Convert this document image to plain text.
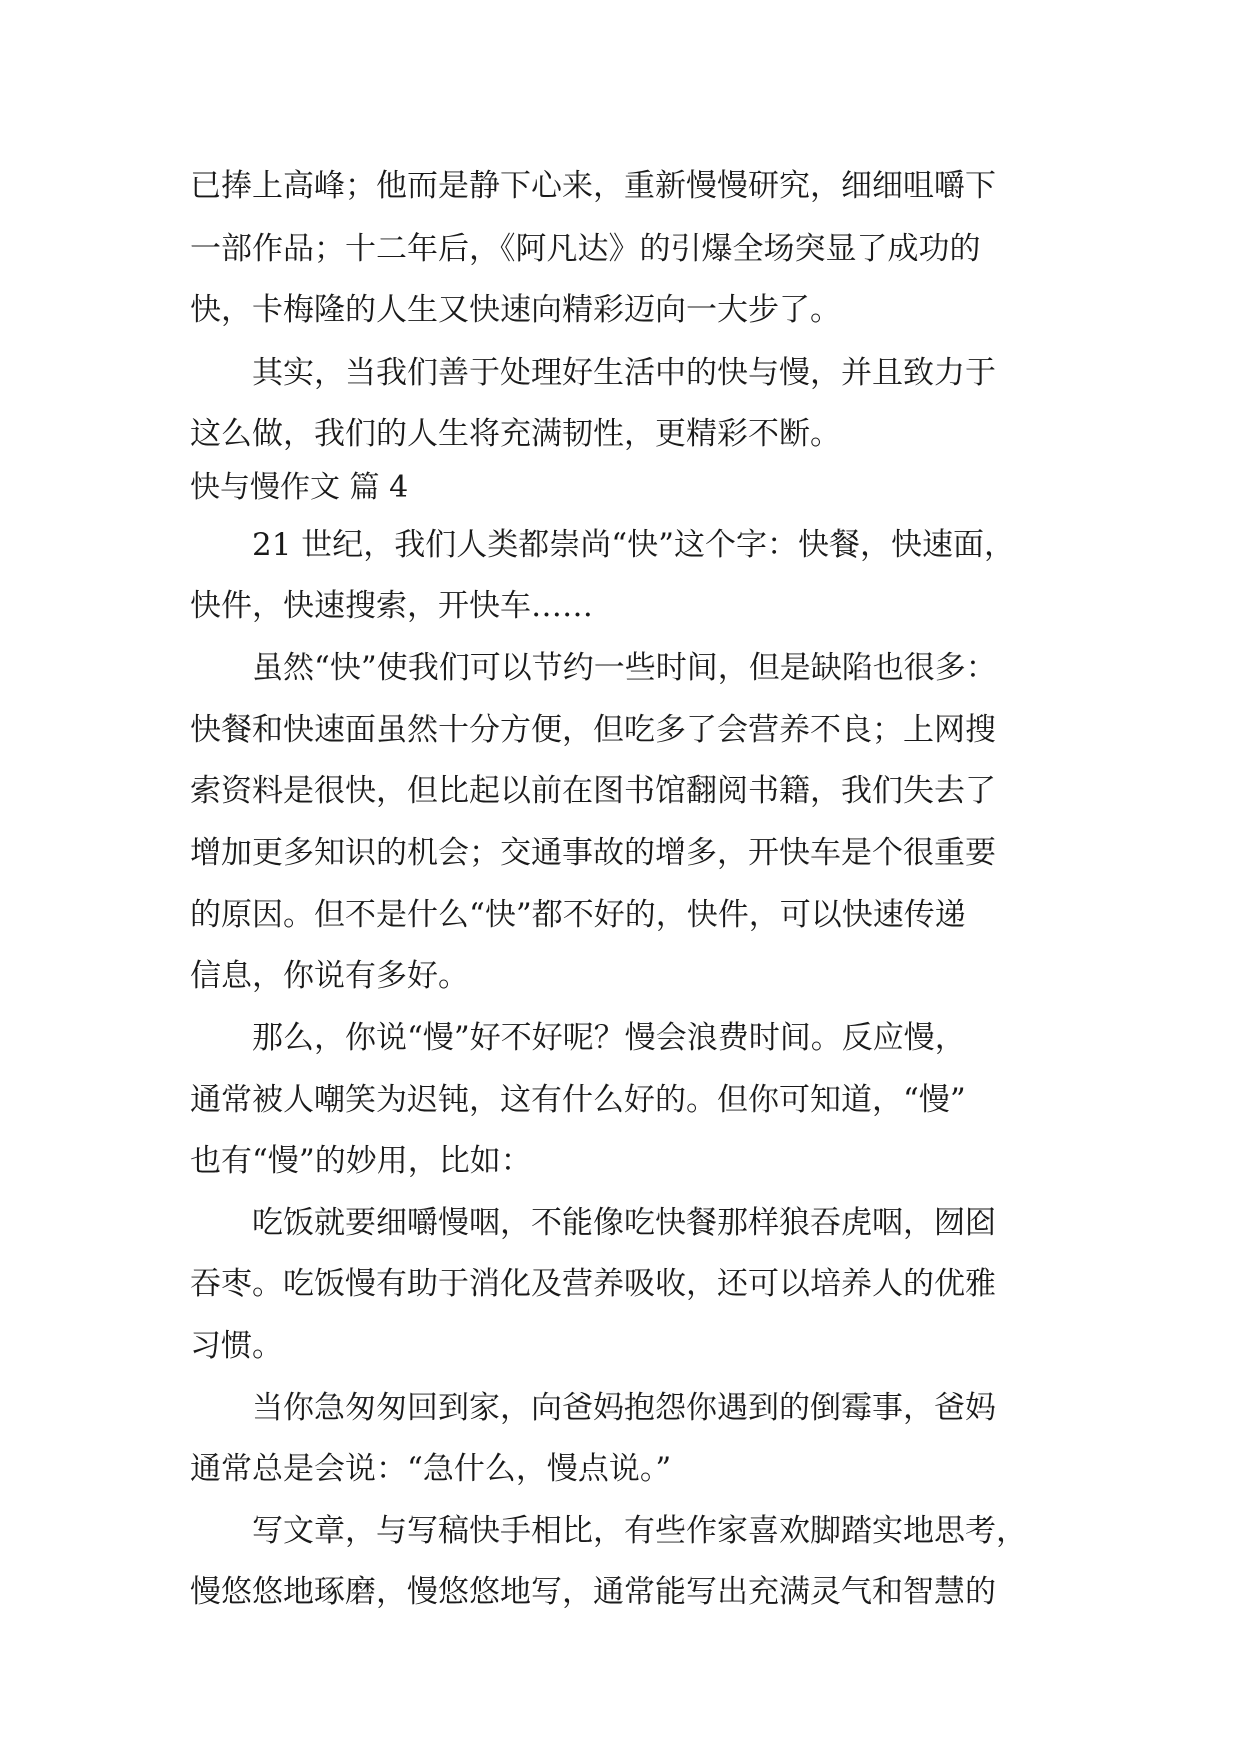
已捧上高峰；他而是静下心来，重新慢慢研究，细细咀嚼下
一部作品；十二年后，《阿凡达》的引爆全场突显了成功的
快，卡梅隆的人生又快速向精彩迈向一大步了。
其实，当我们善于处理好生活中的快与慢，并且致力于
这么做，我们的人生将充满韧性，更精彩不断。
快与慢作文 篇 4
21 世纪，我们人类都崇尚“快”这个字：快餐，快速面，
快件，快速搜索，开快车……
虽然“快”使我们可以节约一些时间，但是缺陷也很多：
快餐和快速面虽然十分方便，但吃多了会营养不良；上网搜
索资料是很快，但比起以前在图书馆翻阅书籍，我们失去了
增加更多知识的机会；交通事故的增多，开快车是个很重要
的原因。但不是什么“快”都不好的，快件，可以快速传递
信息，你说有多好。
那么，你说“慢”好不好呢？慢会浪费时间。反应慢，
通常被人嘲笑为迟钝，这有什么好的。但你可知道，“慢”
也有“慢”的妙用，比如：
吃饭就要细嚼慢咽，不能像吃快餐那样狼吞虎咽，囫囵
吞枣。吃饭慢有助于消化及营养吸收，还可以培养人的优雅
习惯。
当你急匆匆回到家，向爸妈抱怨你遇到的倒霉事，爸妈
通常总是会说：“急什么，慢点说。”
写文章，与写稿快手相比，有些作家喜欢脚踏实地思考，
慢悠悠地琢磨，慢悠悠地写，通常能写出充满灵气和智慧的
